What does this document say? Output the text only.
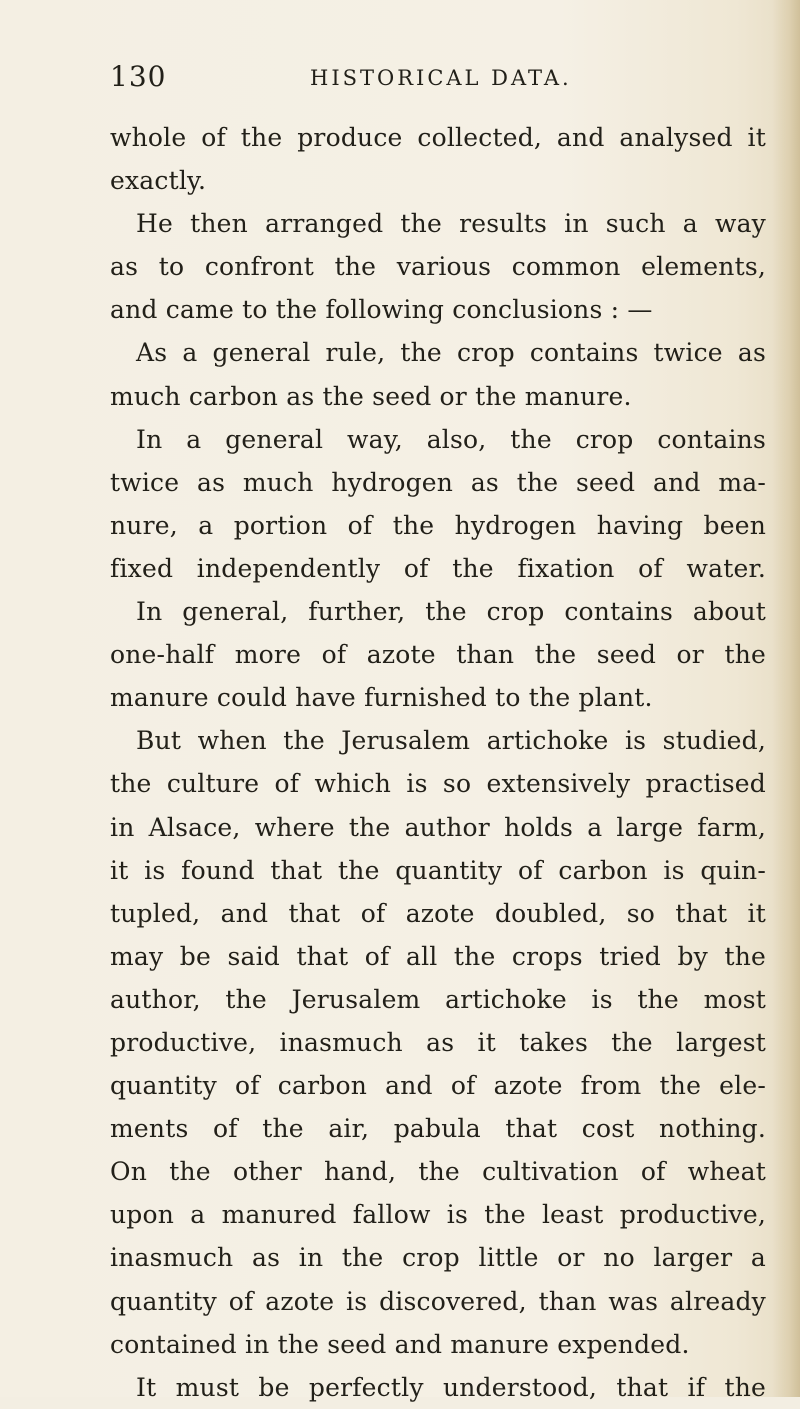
130	HISTORICAL DATA.
whole of the produce collected, and analysed it
exactly.
He then arranged the results in such a way
as to confront the various common elements,
and came to the following conclusions : —
As a general rule, the crop contains twice as
much carbon as the seed or the manure.
In a general way, also, the crop contains
twice as much hydrogen as the seed and ma-
nure, a portion of the hydrogen having been
fixed independently of the fixation of water.
In general, further, the crop contains about
one-half more of azote than the seed or the
manure could have furnished to the plant.
But when the Jerusalem artichoke is studied,
the culture of which is so extensively practised
in Alsace, where the author holds a large farm,
it is found that the quantity of carbon is quin-
tupled, and that of azote doubled, so that it
may be said that of all the crops tried by the
author, the Jerusalem artichoke is the most
productive, inasmuch as it takes the largest
quantity of carbon and of azote from the ele-
ments of the air, pabula that cost nothing.
On the other hand, the cultivation of wheat
upon a manured fallow is the least productive,
inasmuch as in the crop little or no larger a
quantity of azote is discovered, than was already
contained in the seed and manure expended.
It must be perfectly understood, that if the
